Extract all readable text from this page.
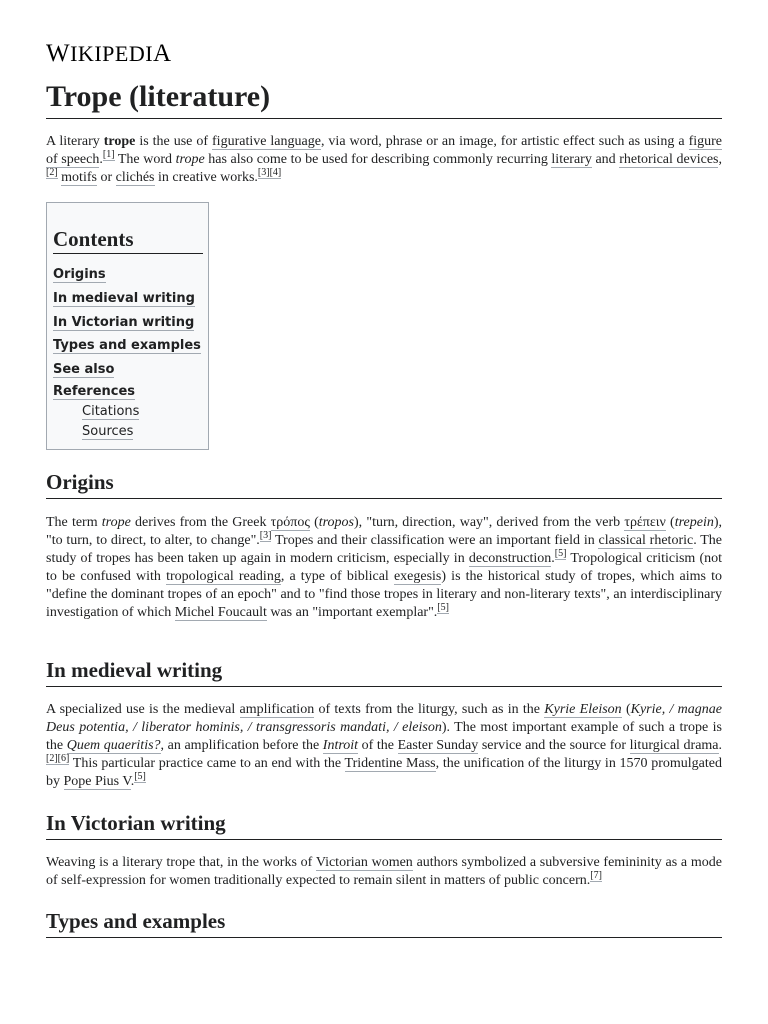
WIKIPEDIA
Trope (literature)

A literary trope is the use of figurative language, via word, phrase or an image, for artistic effect such as using a figure of speech.[1] The word trope has also come to be used for describing commonly recurring literary and rhetorical devices,[2] motifs or clichés in creative works.[3][4]

Contents
Origins
In medieval writing
In Victorian writing
Types and examples
See also
References
Citations
Sources
Origins

The term trope derives from the Greek τρόπος (tropos), "turn, direction, way", derived from the verb τρέπειν (trepein), "to turn, to direct, to alter, to change".[3] Tropes and their classification were an important field in classical rhetoric. The study of tropes has been taken up again in modern criticism, especially in deconstruction.[5] Tropological criticism (not to be confused with tropological reading, a type of biblical exegesis) is the historical study of tropes, which aims to "define the dominant tropes of an epoch" and to "find those tropes in literary and non-literary texts", an interdisciplinary investigation of which Michel Foucault was an "important exemplar".[5]

In medieval writing

A specialized use is the medieval amplification of texts from the liturgy, such as in the Kyrie Eleison (Kyrie, / magnae Deus potentia, / liberator hominis, / transgressoris mandati, / eleison). The most important example of such a trope is the Quem quaeritis?, an amplification before the Introit of the Easter Sunday service and the source for liturgical drama.[2][6] This particular practice came to an end with the Tridentine Mass, the unification of the liturgy in 1570 promulgated by Pope Pius V.[5]

In Victorian writing

Weaving is a literary trope that, in the works of Victorian women authors symbolized a subversive femininity as a mode of self-expression for women traditionally expected to remain silent in matters of public concern.[7]

Types and examples
